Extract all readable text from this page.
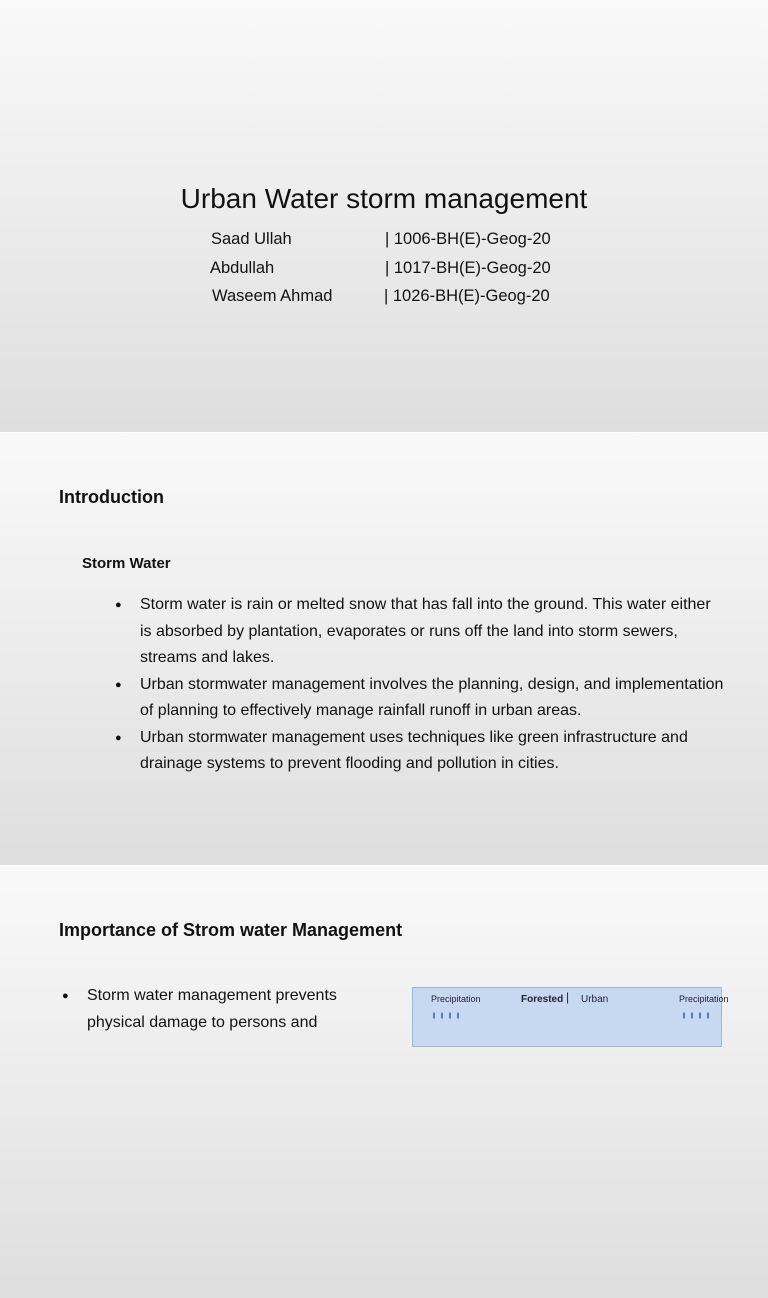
Urban Water storm management
Saad Ullah	| 1006-BH(E)-Geog-20
Abdullah	| 1017-BH(E)-Geog-20
Waseem Ahmad	| 1026-BH(E)-Geog-20
Introduction
Storm Water
● Storm water is rain or melted snow that has fall into the ground. This water either is absorbed by plantation, evaporates or runs off the land into storm sewers, streams and lakes.
● Urban stormwater management involves the planning, design, and implementation of planning to effectively manage rainfall runoff in urban areas.
● Urban stormwater management uses techniques like green infrastructure and drainage systems to prevent flooding and pollution in cities.
Importance of Strom water Management
● Storm water management prevents physical damage to persons and
Precipitation	Forested | Urban	Precipitation
╻╻╻╻	╻╻╻╻
